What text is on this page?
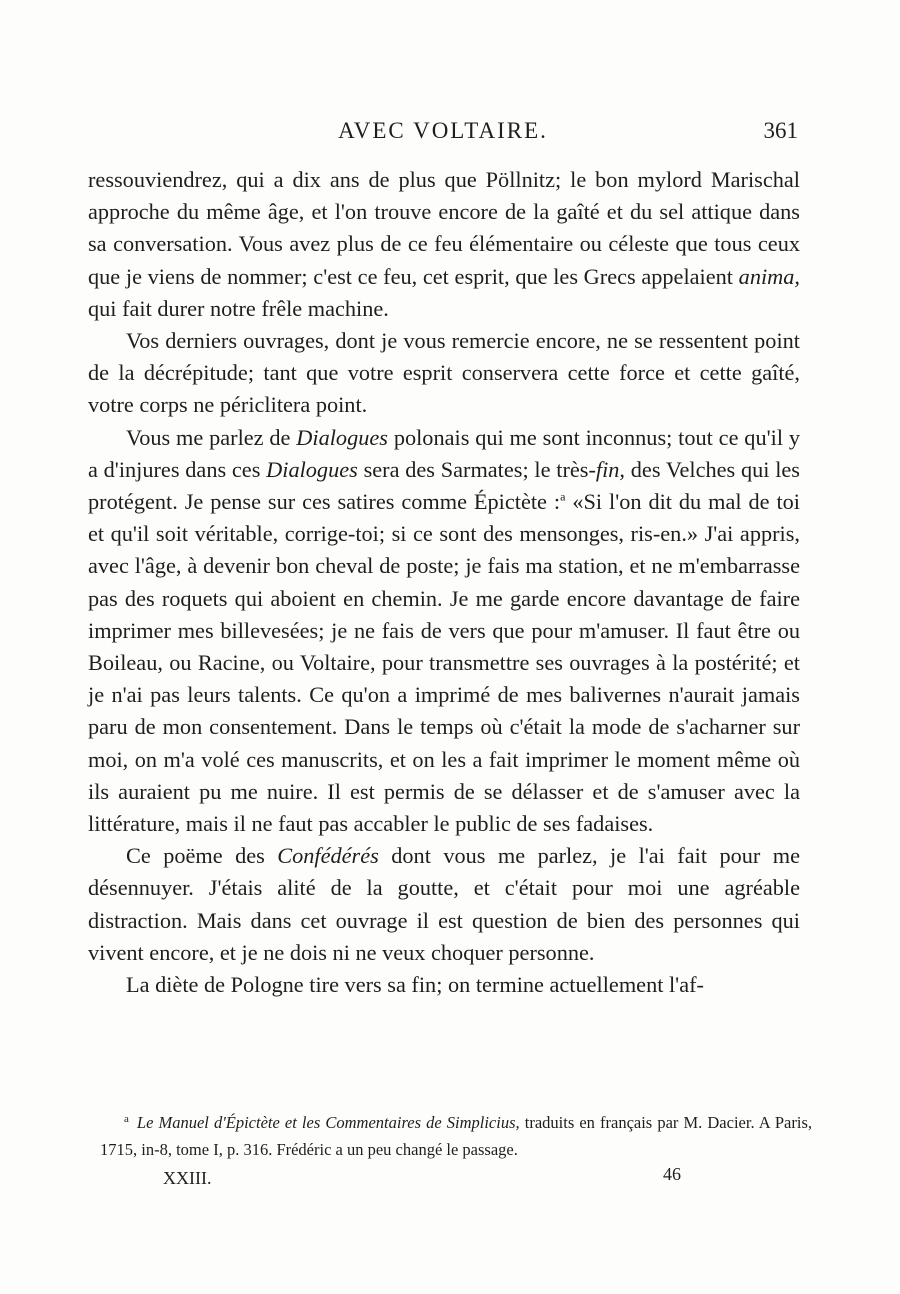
AVEC VOLTAIRE.	361

ressouviendrez, qui a dix ans de plus que Pöllnitz; le bon mylord Marischal approche du même âge, et l'on trouve encore de la gaîté et du sel attique dans sa conversation. Vous avez plus de ce feu élémentaire ou céleste que tous ceux que je viens de nommer; c'est ce feu, cet esprit, que les Grecs appelaient anima, qui fait durer notre frêle machine.

Vos derniers ouvrages, dont je vous remercie encore, ne se ressentent point de la décrépitude; tant que votre esprit conservera cette force et cette gaîté, votre corps ne périclitera point.

Vous me parlez de Dialogues polonais qui me sont inconnus; tout ce qu'il y a d'injures dans ces Dialogues sera des Sarmates; le très-fin, des Velches qui les protégent. Je pense sur ces satires comme Épictète :$^a$ «Si l'on dit du mal de toi et qu'il soit véritable, corrige-toi; si ce sont des mensonges, ris-en.» J'ai appris, avec l'âge, à devenir bon cheval de poste; je fais ma station, et ne m'embarrasse pas des roquets qui aboient en chemin. Je me garde encore davantage de faire imprimer mes billevesées; je ne fais de vers que pour m'amuser. Il faut être ou Boileau, ou Racine, ou Voltaire, pour transmettre ses ouvrages à la postérité; et je n'ai pas leurs talents. Ce qu'on a imprimé de mes balivernes n'aurait jamais paru de mon consentement. Dans le temps où c'était la mode de s'acharner sur moi, on m'a volé ces manuscrits, et on les a fait imprimer le moment même où ils auraient pu me nuire. Il est permis de se délasser et de s'amuser avec la littérature, mais il ne faut pas accabler le public de ses fadaises.

Ce poëme des Confédérés dont vous me parlez, je l'ai fait pour me désennuyer. J'étais alité de la goutte, et c'était pour moi une agréable distraction. Mais dans cet ouvrage il est question de bien des personnes qui vivent encore, et je ne dois ni ne veux choquer personne.

La diète de Pologne tire vers sa fin; on termine actuellement l'af-

$^a$ Le Manuel d'Épictète et les Commentaires de Simplicius, traduits en français par M. Dacier. A Paris, 1715, in-8, tome I, p. 316. Frédéric a un peu changé le passage.

XXIII.	46
